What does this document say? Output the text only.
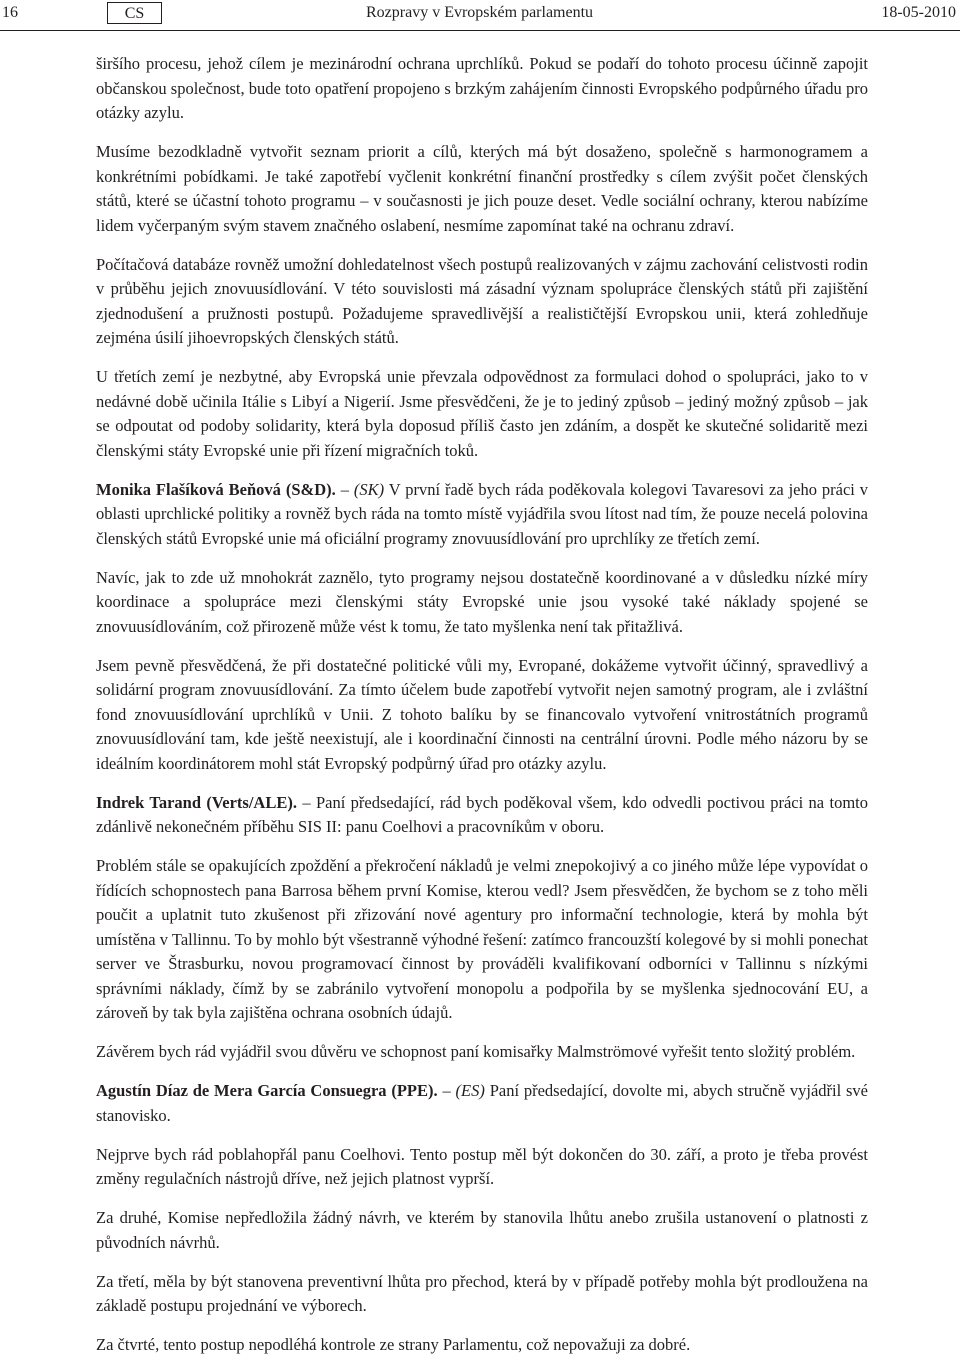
16	CS	Rozpravy v Evropském parlamentu	18-05-2010

širšího procesu, jehož cílem je mezinárodní ochrana uprchlíků. Pokud se podaří do tohoto procesu účinně zapojit občanskou společnost, bude toto opatření propojeno s brzkým zahájením činnosti Evropského podpůrného úřadu pro otázky azylu.

Musíme bezodkladně vytvořit seznam priorit a cílů, kterých má být dosaženo, společně s harmonogramem a konkrétními pobídkami. Je také zapotřebí vyčlenit konkrétní finanční prostředky s cílem zvýšit počet členských států, které se účastní tohoto programu – v současnosti je jich pouze deset. Vedle sociální ochrany, kterou nabízíme lidem vyčerpaným svým stavem značného oslabení, nesmíme zapomínat také na ochranu zdraví.

Počítačová databáze rovněž umožní dohledatelnost všech postupů realizovaných v zájmu zachování celistvosti rodin v průběhu jejich znovuusídlování. V této souvislosti má zásadní význam spolupráce členských států při zajištění zjednodušení a pružnosti postupů. Požadujeme spravedlivější a realističtější Evropskou unii, která zohledňuje zejména úsilí jihoevropských členských států.

U třetích zemí je nezbytné, aby Evropská unie převzala odpovědnost za formulaci dohod o spolupráci, jako to v nedávné době učinila Itálie s Libyí a Nigerií. Jsme přesvědčeni, že je to jediný způsob – jediný možný způsob – jak se odpoutat od podoby solidarity, která byla doposud příliš často jen zdáním, a dospět ke skutečné solidaritě mezi členskými státy Evropské unie při řízení migračních toků.

Monika Flašíková Beňová (S&D). – (SK) V první řadě bych ráda poděkovala kolegovi Tavaresovi za jeho práci v oblasti uprchlické politiky a rovněž bych ráda na tomto místě vyjádřila svou lítost nad tím, že pouze necelá polovina členských států Evropské unie má oficiální programy znovuusídlování pro uprchlíky ze třetích zemí.

Navíc, jak to zde už mnohokrát zaznělo, tyto programy nejsou dostatečně koordinované a v důsledku nízké míry koordinace a spolupráce mezi členskými státy Evropské unie jsou vysoké také náklady spojené se znovuusídlováním, což přirozeně může vést k tomu, že tato myšlenka není tak přitažlivá.

Jsem pevně přesvědčená, že při dostatečné politické vůli my, Evropané, dokážeme vytvořit účinný, spravedlivý a solidární program znovuusídlování. Za tímto účelem bude zapotřebí vytvořit nejen samotný program, ale i zvláštní fond znovuusídlování uprchlíků v Unii. Z tohoto balíku by se financovalo vytvoření vnitrostátních programů znovuusídlování tam, kde ještě neexistují, ale i koordinační činnosti na centrální úrovni. Podle mého názoru by se ideálním koordinátorem mohl stát Evropský podpůrný úřad pro otázky azylu.

Indrek Tarand (Verts/ALE). – Paní předsedající, rád bych poděkoval všem, kdo odvedli poctivou práci na tomto zdánlivě nekonečném příběhu SIS II: panu Coelhovi a pracovníkům v oboru.

Problém stále se opakujících zpoždění a překročení nákladů je velmi znepokojivý a co jiného může lépe vypovídat o řídících schopnostech pana Barrosa během první Komise, kterou vedl? Jsem přesvědčen, že bychom se z toho měli poučit a uplatnit tuto zkušenost při zřizování nové agentury pro informační technologie, která by mohla být umístěna v Tallinnu. To by mohlo být všestranně výhodné řešení: zatímco francouzští kolegové by si mohli ponechat server ve Štrasburku, novou programovací činnost by prováděli kvalifikovaní odborníci v Tallinnu s nízkými správními náklady, čímž by se zabránilo vytvoření monopolu a podpořila by se myšlenka sjednocování EU, a zároveň by tak byla zajištěna ochrana osobních údajů.

Závěrem bych rád vyjádřil svou důvěru ve schopnost paní komisařky Malmströmové vyřešit tento složitý problém.

Agustín Díaz de Mera García Consuegra (PPE). – (ES) Paní předsedající, dovolte mi, abych stručně vyjádřil své stanovisko.

Nejprve bych rád poblahopřál panu Coelhovi. Tento postup měl být dokončen do 30. září, a proto je třeba provést změny regulačních nástrojů dříve, než jejich platnost vyprší.

Za druhé, Komise nepředložila žádný návrh, ve kterém by stanovila lhůtu anebo zrušila ustanovení o platnosti z původních návrhů.

Za třetí, měla by být stanovena preventivní lhůta pro přechod, která by v případě potřeby mohla být prodloužena na základě postupu projednání ve výborech.

Za čtvrté, tento postup nepodléhá kontrole ze strany Parlamentu, což nepovažuji za dobré.
